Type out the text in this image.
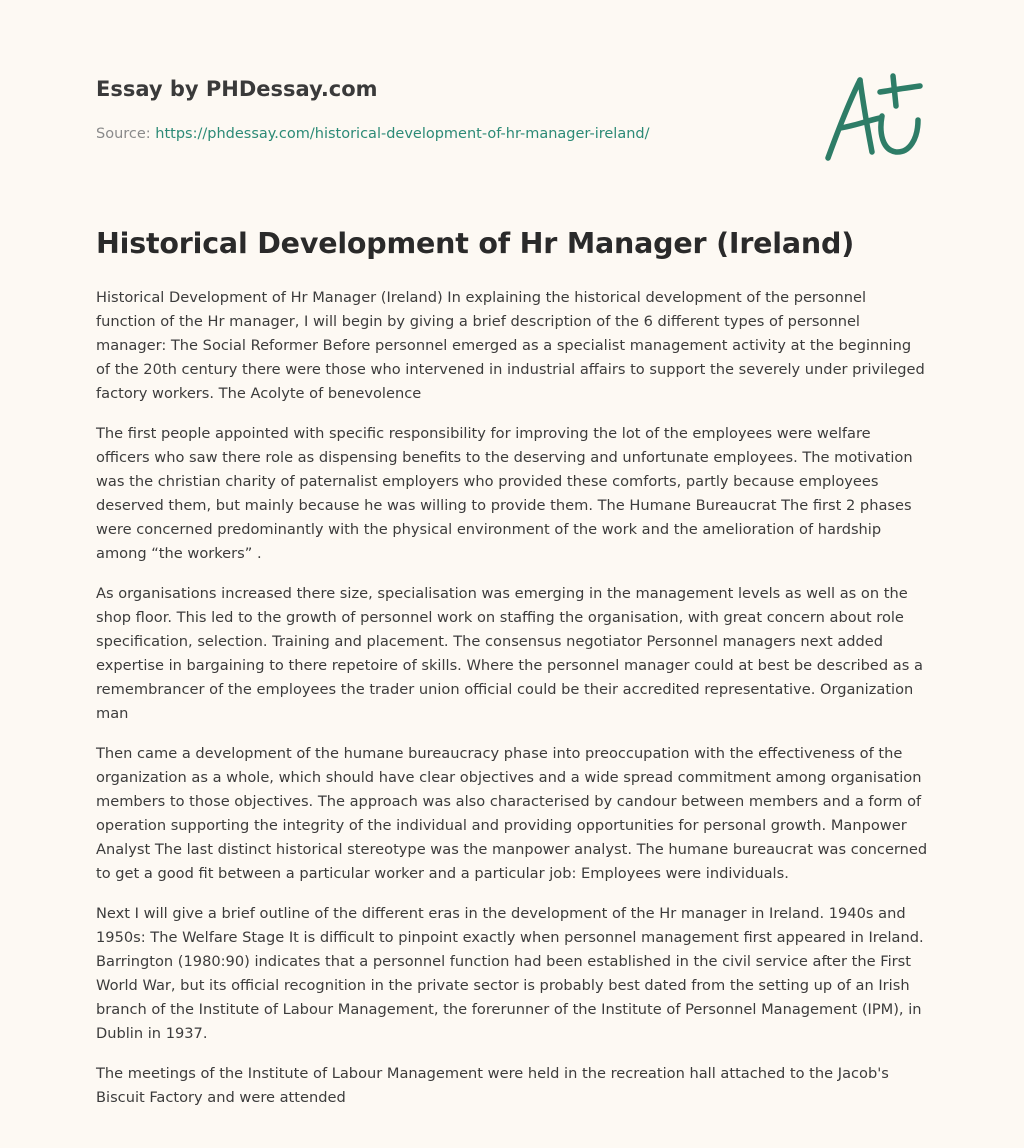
Essay by PHDessay.com

Source: https://phdessay.com/historical-development-of-hr-manager-ireland/
Historical Development of Hr Manager (Ireland)

Historical Development of Hr Manager (Ireland) In explaining the historical development of the personnel function of the Hr manager, I will begin by giving a brief description of the 6 different types of personnel manager: The Social Reformer Before personnel emerged as a specialist management activity at the beginning of the 20th century there were those who intervened in industrial affairs to support the severely under privileged factory workers. The Acolyte of benevolence

The first people appointed with specific responsibility for improving the lot of the employees were welfare officers who saw there role as dispensing benefits to the deserving and unfortunate employees. The motivation was the christian charity of paternalist employers who provided these comforts, partly because employees deserved them, but mainly because he was willing to provide them. The Humane Bureaucrat The first 2 phases were concerned predominantly with the physical environment of the work and the amelioration of hardship among “the workers” .

As organisations increased there size, specialisation was emerging in the management levels as well as on the shop floor. This led to the growth of personnel work on staffing the organisation, with great concern about role specification, selection. Training and placement. The consensus negotiator Personnel managers next added expertise in bargaining to there repetoire of skills. Where the personnel manager could at best be described as a remembrancer of the employees the trader union official could be their accredited representative. Organization man

Then came a development of the humane bureaucracy phase into preoccupation with the effectiveness of the organization as a whole, which should have clear objectives and a wide spread commitment among organisation members to those objectives. The approach was also characterised by candour between members and a form of operation supporting the integrity of the individual and providing opportunities for personal growth. Manpower Analyst The last distinct historical stereotype was the manpower analyst. The humane bureaucrat was concerned to get a good fit between a particular worker and a particular job: Employees were individuals.

Next I will give a brief outline of the different eras in the development of the Hr manager in Ireland. 1940s and 1950s: The Welfare Stage It is difficult to pinpoint exactly when personnel management first appeared in Ireland. Barrington (1980:90) indicates that a personnel function had been established in the civil service after the First World War, but its official recognition in the private sector is probably best dated from the setting up of an Irish branch of the Institute of Labour Management, the forerunner of the Institute of Personnel Management (IPM), in Dublin in 1937.

The meetings of the Institute of Labour Management were held in the recreation hall attached to the Jacob's Biscuit Factory and were attended
